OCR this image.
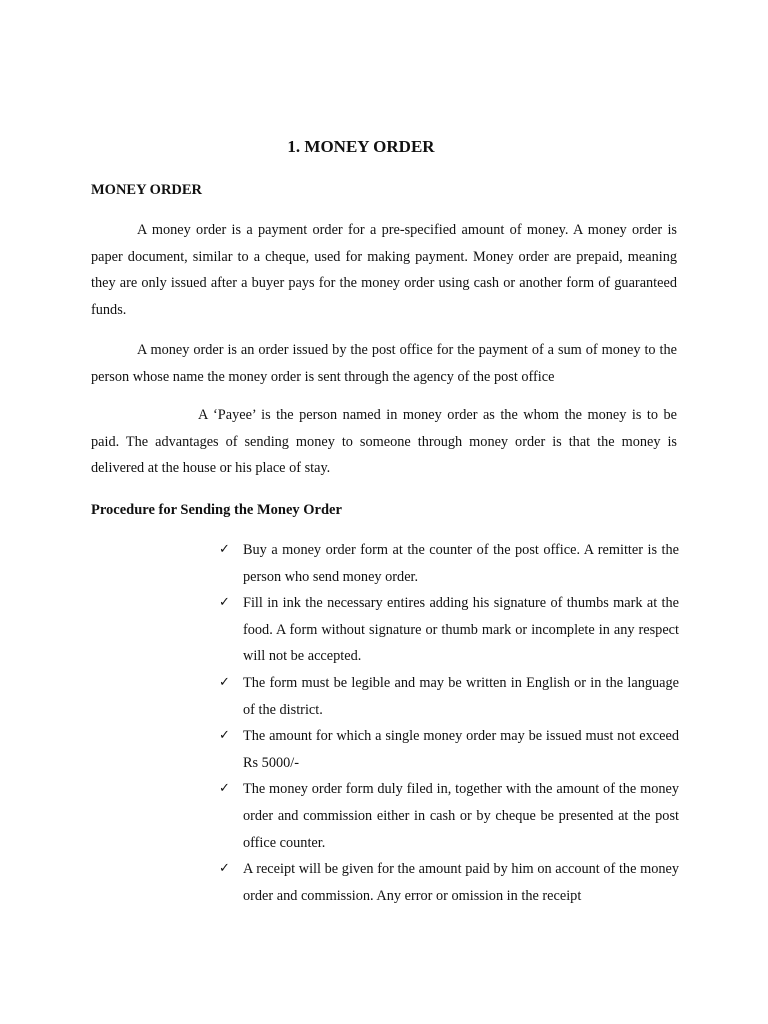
1. MONEY ORDER
MONEY ORDER

A money order is a payment order for a pre-specified amount of money. A money order is paper document, similar to a cheque, used for making payment. Money order are prepaid, meaning they are only issued after a buyer pays for the money order using cash or another form of guaranteed funds.

A money order is an order issued by the post office for the payment of a sum of money to the person whose name the money order is sent through the agency of the post office

A ‘Payee’ is the person named in money order as the whom the money is to be paid. The advantages of sending money to someone through money order is that the money is delivered at the house or his place of stay.

Procedure for Sending the Money Order
✓ Buy a money order form at the counter of the post office. A remitter is the person who send money order.
✓ Fill in ink the necessary entires adding his signature of thumbs mark at the food. A form without signature or thumb mark or incomplete in any respect will not be accepted.
✓ The form must be legible and may be written in English or in the language of the district.
✓ The amount for which a single money order may be issued must not exceed Rs 5000/-
✓ The money order form duly filed in, together with the amount of the money order and commission either in cash or by cheque be presented at the post office counter.
✓ A receipt will be given for the amount paid by him on account of the money order and commission. Any error or omission in the receipt
